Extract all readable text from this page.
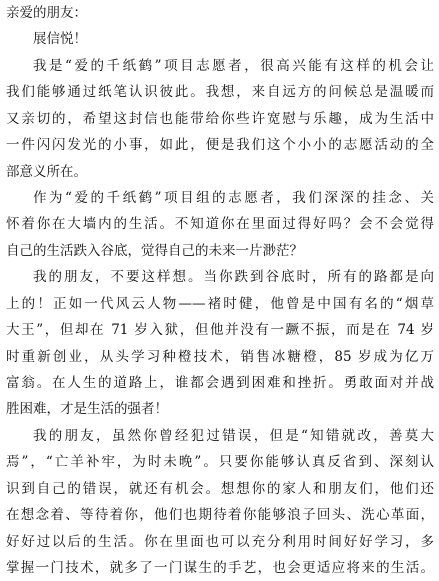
亲爱的朋友：
展信悦！
我是“爱的千纸鹤”项目志愿者，很高兴能有这样的机会让
我们能够通过纸笔认识彼此。我想，来自远方的问候总是温暖而
又亲切的，希望这封信也能带给你些许宽慰与乐趣，成为生活中
一件闪闪发光的小事，如此，便是我们这个小小的志愿活动的全
部意义所在。
作为“爱的千纸鹤”项目组的志愿者，我们深深的挂念、关
怀着你在大墙内的生活。不知道你在里面过得好吗？会不会觉得
自己的生活跌入谷底，觉得自己的未来一片渺茫？
我的朋友，不要这样想。当你跌到谷底时，所有的路都是向
上的！正如一代风云人物——褚时健，他曾是中国有名的“烟草
大王”，但却在 71 岁入狱，但他并没有一蹶不振，而是在 74 岁
时重新创业，从头学习种橙技术，销售冰糖橙，85 岁成为亿万
富翁。在人生的道路上，谁都会遇到困难和挫折。勇敢面对并战
胜困难，才是生活的强者！
我的朋友，虽然你曾经犯过错误，但是“知错就改，善莫大
焉”，“亡羊补牢，为时未晚”。只要你能够认真反省到、深刻认
识到自己的错误，就还有机会。想想你的家人和朋友们，他们还
在想念着、等待着你，他们也期待着你能够浪子回头、洗心革面，
好好过以后的生活。你在里面也可以充分利用时间好好学习，多
掌握一门技术，就多了一门谋生的手艺，也会更适应将来的生活。
